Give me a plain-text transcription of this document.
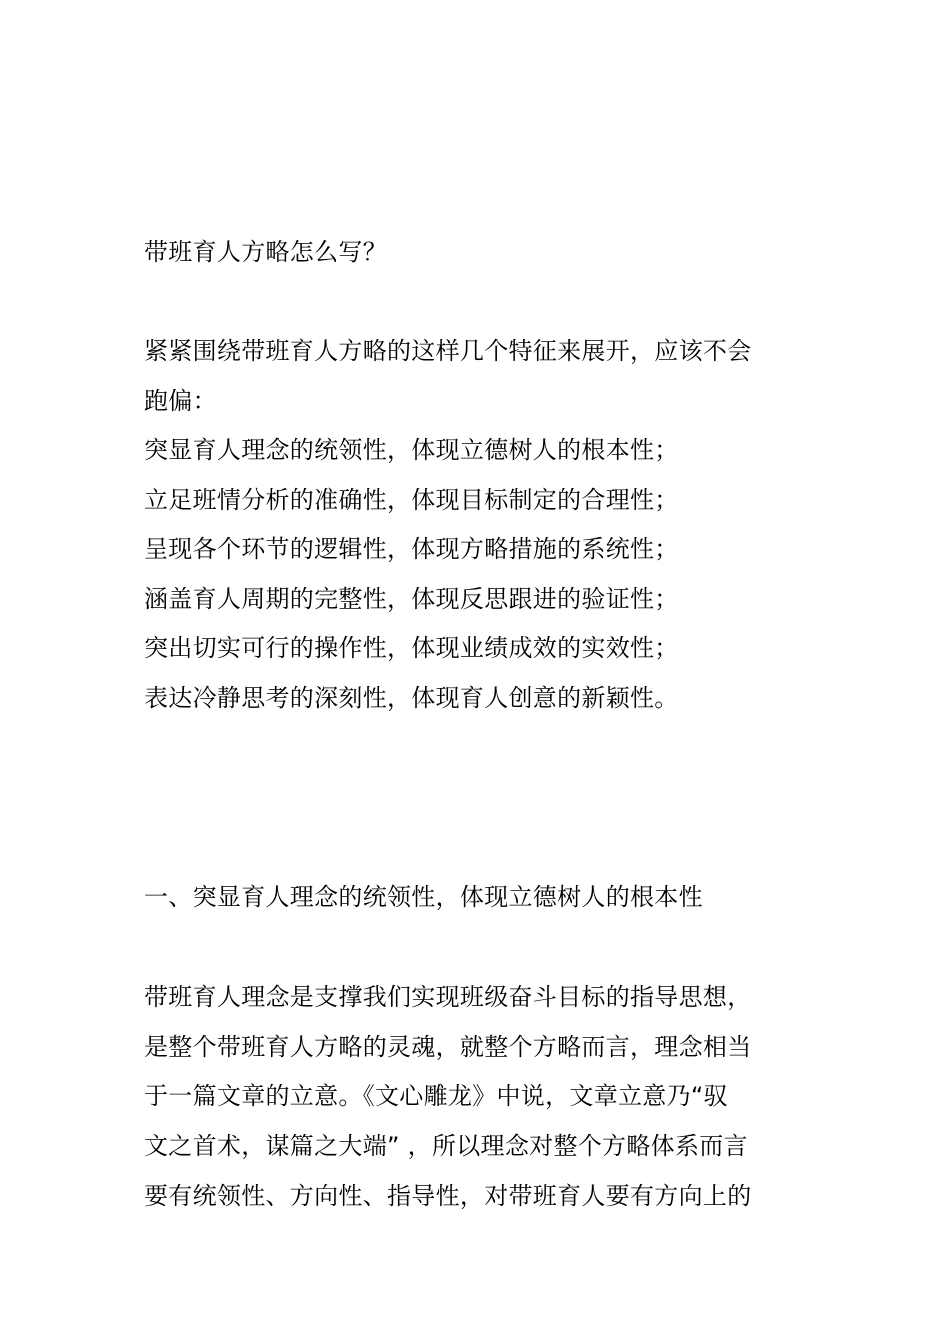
带班育人方略怎么写？

紧紧围绕带班育人方略的这样几个特征来展开，应该不会

跑偏：

突显育人理念的统领性，体现立德树人的根本性；

立足班情分析的准确性，体现目标制定的合理性；

呈现各个环节的逻辑性，体现方略措施的系统性；

涵盖育人周期的完整性，体现反思跟进的验证性；

突出切实可行的操作性，体现业绩成效的实效性；

表达冷静思考的深刻性，体现育人创意的新颖性。

一、突显育人理念的统领性，体现立德树人的根本性

带班育人理念是支撑我们实现班级奋斗目标的指导思想，

是整个带班育人方略的灵魂，就整个方略而言，理念相当

于一篇文章的立意。《文心雕龙》中说，文章立意乃“驭

文之首术，谋篇之大端” ，所以理念对整个方略体系而言

要有统领性、方向性、指导性，对带班育人要有方向上的
